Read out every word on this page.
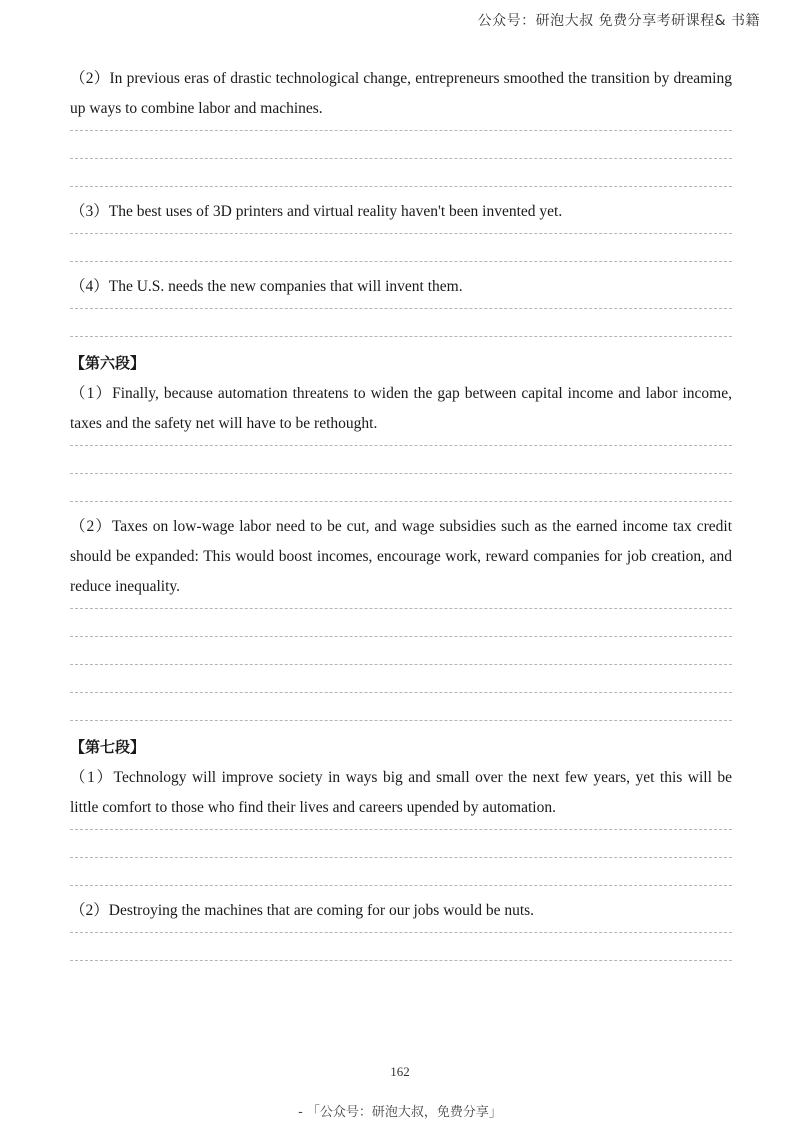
公众号：研泡大叔 免费分享考研课程& 书籍

（2）In previous eras of drastic technological change, entrepreneurs smoothed the transition by dreaming up ways to combine labor and machines.

（3）The best uses of 3D printers and virtual reality haven't been invented yet.

（4）The U.S. needs the new companies that will invent them.

【第六段】

（1）Finally, because automation threatens to widen the gap between capital income and labor income, taxes and the safety net will have to be rethought.

（2）Taxes on low-wage labor need to be cut, and wage subsidies such as the earned income tax credit should be expanded: This would boost incomes, encourage work, reward companies for job creation, and reduce inequality.

【第七段】

（1）Technology will improve society in ways big and small over the next few years, yet this will be little comfort to those who find their lives and careers upended by automation.

（2）Destroying the machines that are coming for our jobs would be nuts.

162
- 「公众号：研泡大叔，免费分享」
